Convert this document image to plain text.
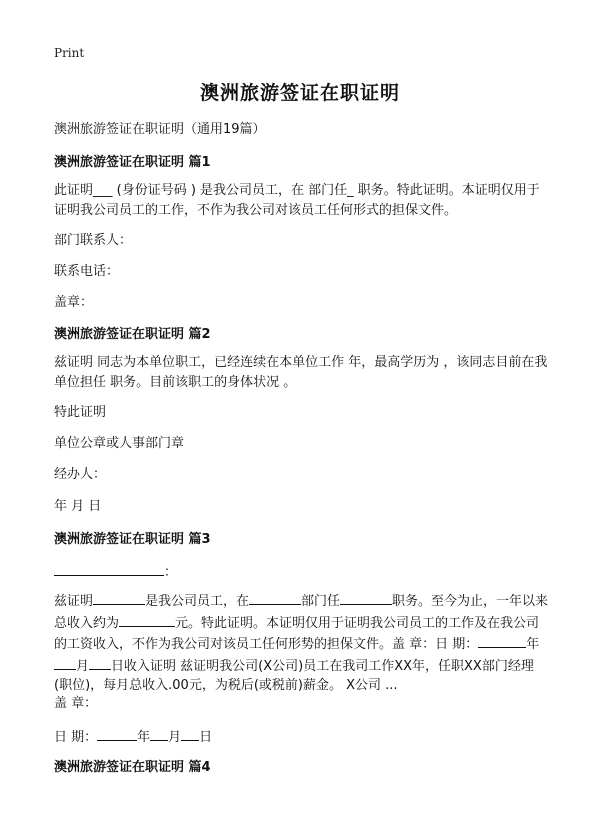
Print
澳洲旅游签证在职证明
澳洲旅游签证在职证明（通用19篇）
澳洲旅游签证在职证明 篇1
此证明___ (身份证号码 ) 是我公司员工，在 部门任_ 职务。特此证明。本证明仅用于证明我公司员工的工作，不作为我公司对该员工任何形式的担保文件。
部门联系人：
联系电话：
盖章：
澳洲旅游签证在职证明 篇2
兹证明 同志为本单位职工，已经连续在本单位工作 年，最高学历为 ，该同志目前在我单位担任 职务。目前该职工的身体状况 。
特此证明
单位公章或人事部门章
经办人：
年 月 日
澳洲旅游签证在职证明 篇3
：
兹证明	是我公司员工，在	部门任	职务。至今为止，一年以来总收入约为	元。特此证明。本证明仅用于证明我公司员工的工作及在我公司的工资收入，不作为我公司对该员工任何形势的担保文件。盖 章：日 期：	年月 日收入证明 兹证明我公司(X公司)员工在我司工作XX年，任职XX部门经理(职位)，每月总收入.00元，为税后(或税前)薪金。 X公司 ...
盖 章：
日 期：	年 月 日
澳洲旅游签证在职证明 篇4
